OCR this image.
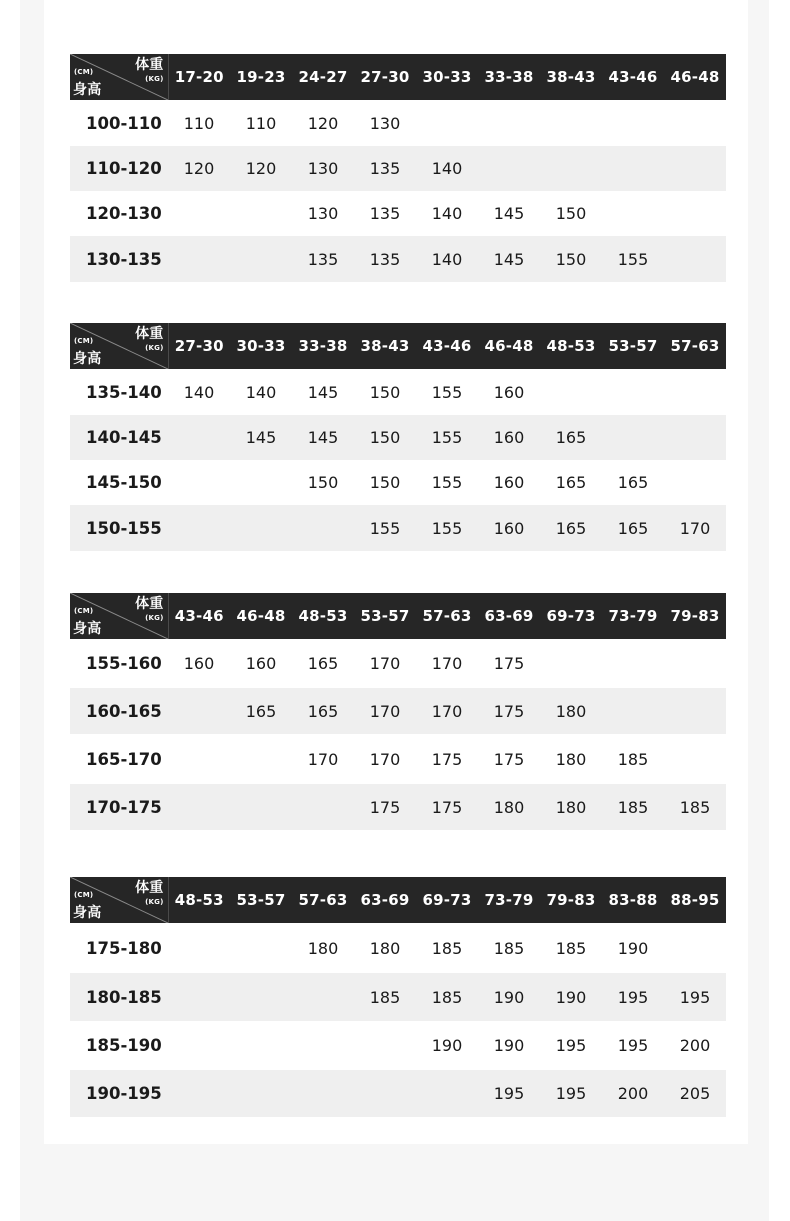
体重
(KG)
(CM)
身高	17-20	19-23	24-27	27-30	30-33	33-38	38-43	43-46	46-48
100-110	110	110	120	130					
110-120	120	120	130	135	140				
120-130			130	135	140	145	150		
130-135			135	135	140	145	150	155	
体重
(KG)
(CM)
身高	27-30	30-33	33-38	38-43	43-46	46-48	48-53	53-57	57-63
135-140	140	140	145	150	155	160			
140-145		145	145	150	155	160	165		
145-150			150	150	155	160	165	165	
150-155				155	155	160	165	165	170
体重
(KG)
(CM)
身高	43-46	46-48	48-53	53-57	57-63	63-69	69-73	73-79	79-83
155-160	160	160	165	170	170	175			
160-165		165	165	170	170	175	180		
165-170			170	170	175	175	180	185	
170-175				175	175	180	180	185	185
体重
(KG)
(CM)
身高	48-53	53-57	57-63	63-69	69-73	73-79	79-83	83-88	88-95
175-180			180	180	185	185	185	190	
180-185				185	185	190	190	195	195
185-190					190	190	195	195	200
190-195						195	195	200	205
